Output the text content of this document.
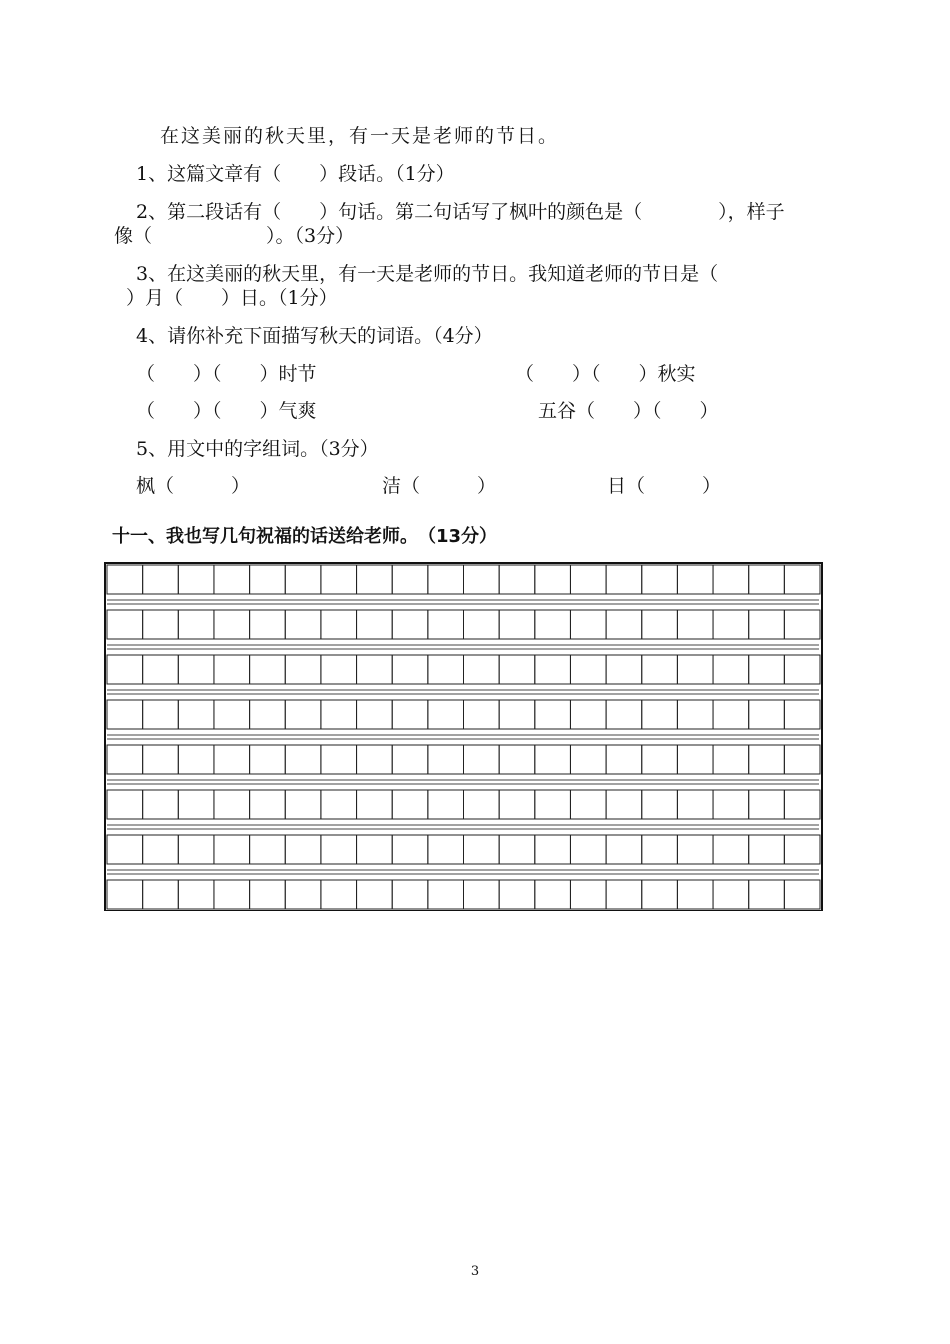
在这美丽的秋天里，有一天是老师的节日。
1、这篇文章有（　　）段话。（1分）
2、第二段话有（　　）句话。第二句话写了枫叶的颜色是（　　　　），样子
像（　　　　　　）。（3分）
3、在这美丽的秋天里，有一天是老师的节日。我知道老师的节日是（
）月（　　）日。（1分）
4、请你补充下面描写秋天的词语。（4分）
（　　）（　　）时节	（　　）（　　）秋实
（　　）（　　）气爽	五谷（　　）（　　）
5、用文中的字组词。（3分）
枫（　　　）	洁（　　　）	日（　　　）
十一、我也写几句祝福的话送给老师。　（13分）
3
